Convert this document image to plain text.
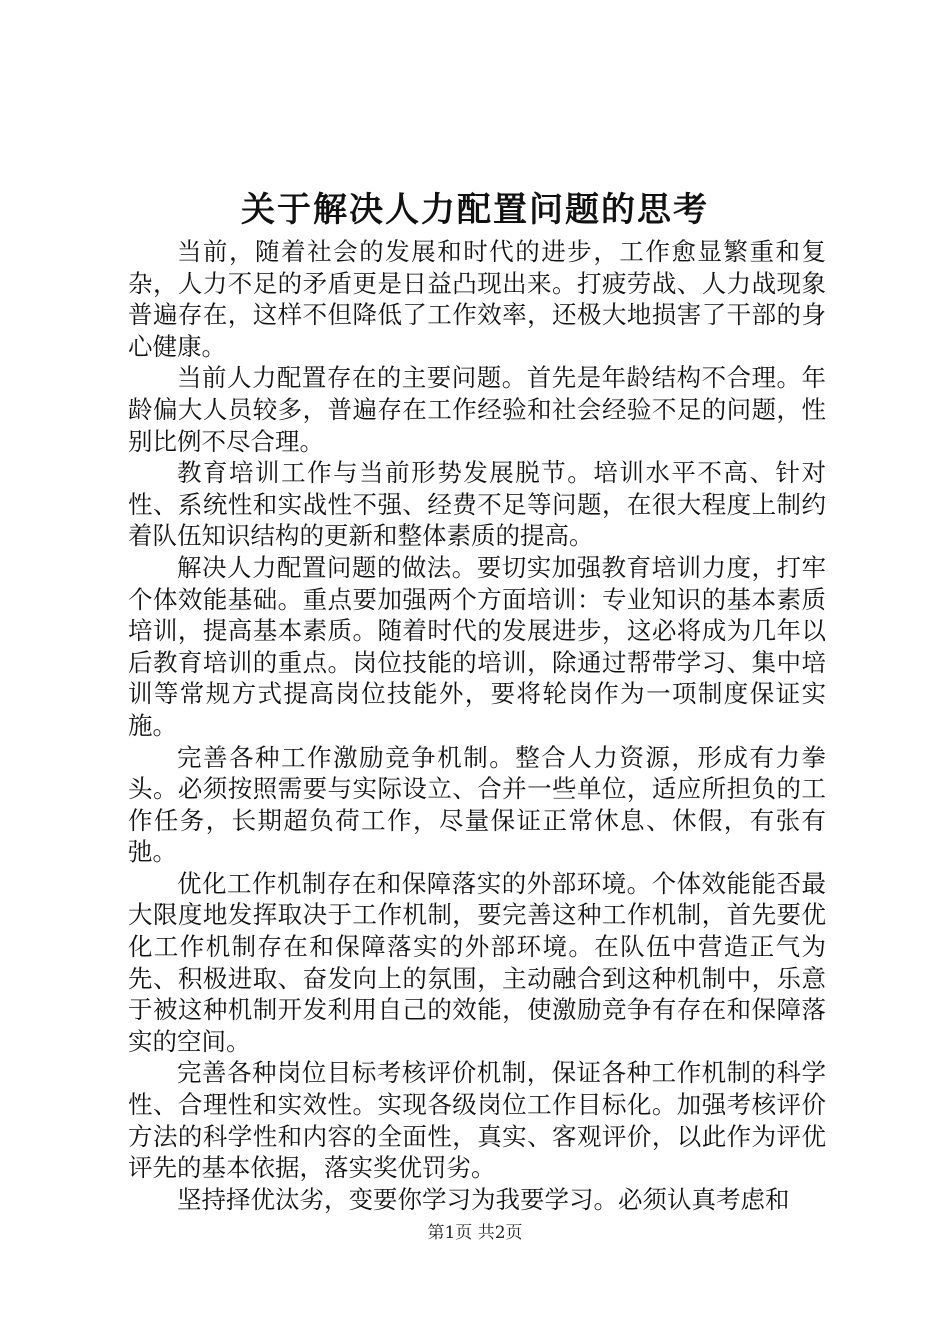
关于解决人力配置问题的思考

当前，随着社会的发展和时代的进步，工作愈显繁重和复杂，人力不足的矛盾更是日益凸现出来。打疲劳战、人力战现象普遍存在，这样不但降低了工作效率，还极大地损害了干部的身心健康。

当前人力配置存在的主要问题。首先是年龄结构不合理。年龄偏大人员较多，普遍存在工作经验和社会经验不足的问题，性别比例不尽合理。

教育培训工作与当前形势发展脱节。培训水平不高、针对性、系统性和实战性不强、经费不足等问题，在很大程度上制约着队伍知识结构的更新和整体素质的提高。

解决人力配置问题的做法。要切实加强教育培训力度，打牢个体效能基础。重点要加强两个方面培训：专业知识的基本素质培训，提高基本素质。随着时代的发展进步，这必将成为几年以后教育培训的重点。岗位技能的培训，除通过帮带学习、集中培训等常规方式提高岗位技能外，要将轮岗作为一项制度保证实施。

完善各种工作激励竞争机制。整合人力资源，形成有力拳头。必须按照需要与实际设立、合并一些单位，适应所担负的工作任务，长期超负荷工作，尽量保证正常休息、休假，有张有弛。

优化工作机制存在和保障落实的外部环境。个体效能能否最大限度地发挥取决于工作机制，要完善这种工作机制，首先要优化工作机制存在和保障落实的外部环境。在队伍中营造正气为先、积极进取、奋发向上的氛围，主动融合到这种机制中，乐意于被这种机制开发利用自己的效能，使激励竞争有存在和保障落实的空间。

完善各种岗位目标考核评价机制，保证各种工作机制的科学性、合理性和实效性。实现各级岗位工作目标化。加强考核评价方法的科学性和内容的全面性，真实、客观评价，以此作为评优评先的基本依据，落实奖优罚劣。

坚持择优汰劣，变要你学习为我要学习。必须认真考虑和

第1页 共2页
